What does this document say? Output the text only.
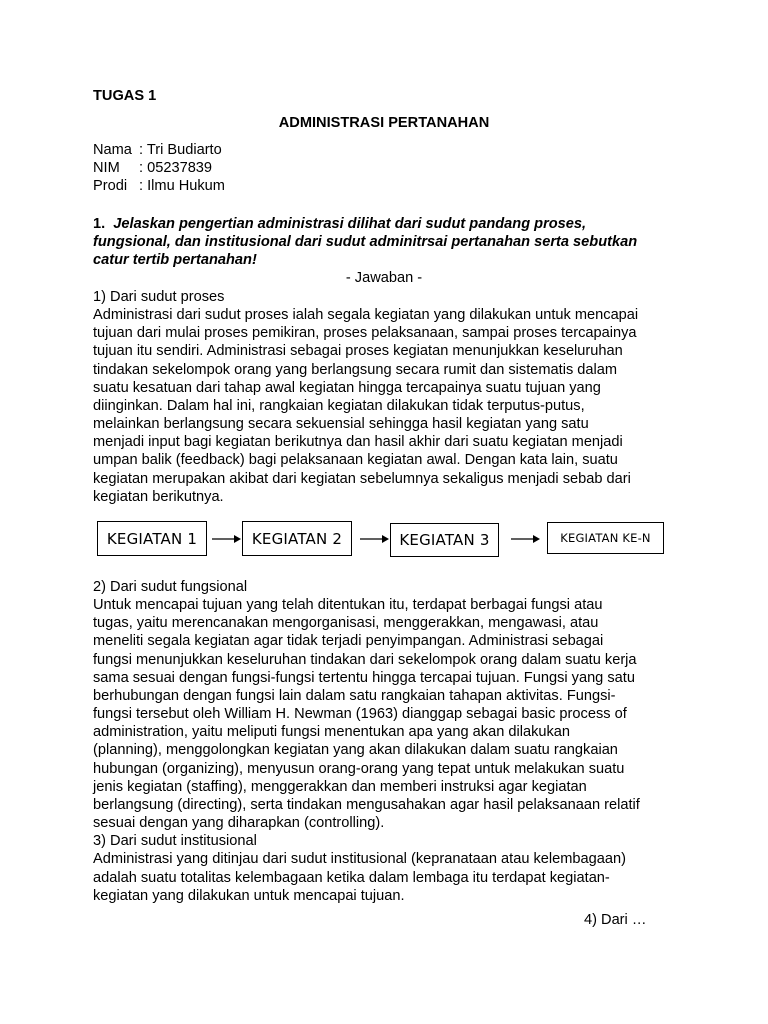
TUGAS 1
ADMINISTRASI PERTANAHAN
Nama : Tri Budiarto
NIM	: 05237839
Prodi : Ilmu Hukum

1. Jelaskan pengertian administrasi dilihat dari sudut pandang proses,

fungsional, dan institusional dari sudut adminitrsai pertanahan serta sebutkan

catur tertib pertanahan!

- Jawaban -

1) Dari sudut proses

Administrasi dari sudut proses ialah segala kegiatan yang dilakukan untuk mencapai

tujuan dari mulai proses pemikiran, proses pelaksanaan, sampai proses tercapainya

tujuan itu sendiri. Administrasi sebagai proses kegiatan menunjukkan keseluruhan

tindakan sekelompok orang yang berlangsung secara rumit dan sistematis dalam

suatu kesatuan dari tahap awal kegiatan hingga tercapainya suatu tujuan yang

diinginkan. Dalam hal ini, rangkaian kegiatan dilakukan tidak terputus-putus,

melainkan berlangsung secara sekuensial sehingga hasil kegiatan yang satu

menjadi input bagi kegiatan berikutnya dan hasil akhir dari suatu kegiatan menjadi

umpan balik (feedback) bagi pelaksanaan kegiatan awal. Dengan kata lain, suatu

kegiatan merupakan akibat dari kegiatan sebelumnya sekaligus menjadi sebab dari

kegiatan berikutnya.

KEGIATAN 1	KEGIATAN 2	KEGIATAN 3	KEGIATAN KE-N

2) Dari sudut fungsional

Untuk mencapai tujuan yang telah ditentukan itu, terdapat berbagai fungsi atau

tugas, yaitu merencanakan mengorganisasi, menggerakkan, mengawasi, atau

meneliti segala kegiatan agar tidak terjadi penyimpangan. Administrasi sebagai

fungsi menunjukkan keseluruhan tindakan dari sekelompok orang dalam suatu kerja

sama sesuai dengan fungsi-fungsi tertentu hingga tercapai tujuan. Fungsi yang satu

berhubungan dengan fungsi lain dalam satu rangkaian tahapan aktivitas. Fungsi-

fungsi tersebut oleh William H. Newman (1963) dianggap sebagai basic process of

administration, yaitu meliputi fungsi menentukan apa yang akan dilakukan

(planning), menggolongkan kegiatan yang akan dilakukan dalam suatu rangkaian

hubungan (organizing), menyusun orang-orang yang tepat untuk melakukan suatu

jenis kegiatan (staffing), menggerakkan dan memberi instruksi agar kegiatan

berlangsung (directing), serta tindakan mengusahakan agar hasil pelaksanaan relatif

sesuai dengan yang diharapkan (controlling).

3) Dari sudut institusional

Administrasi yang ditinjau dari sudut institusional (kepranataan atau kelembagaan)

adalah suatu totalitas kelembagaan ketika dalam lembaga itu terdapat kegiatan-

kegiatan yang dilakukan untuk mencapai tujuan.

4) Dari …
